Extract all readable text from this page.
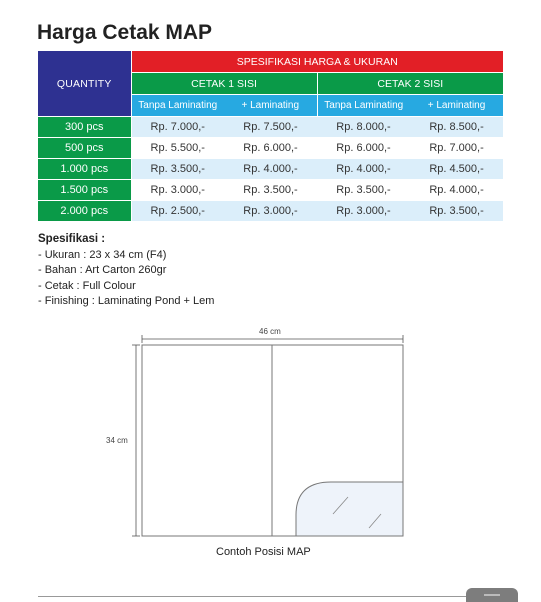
Harga Cetak MAP
QUANTITY	SPESIFIKASI HARGA & UKURAN			
	CETAK 1 SISI		CETAK 2 SISI	
	Tanpa Laminating	+ Laminating	Tanpa Laminating	+ Laminating
300 pcs	Rp. 7.000,-	Rp. 7.500,-	Rp. 8.000,-	Rp. 8.500,-
500 pcs	Rp. 5.500,-	Rp. 6.000,-	Rp. 6.000,-	Rp. 7.000,-
1.000 pcs	Rp. 3.500,-	Rp. 4.000,-	Rp. 4.000,-	Rp. 4.500,-
1.500 pcs	Rp. 3.000,-	Rp. 3.500,-	Rp. 3.500,-	Rp. 4.000,-
2.000 pcs	Rp. 2.500,-	Rp. 3.000,-	Rp. 3.000,-	Rp. 3.500,-
Spesifikasi :
- Ukuran : 23 x 34 cm (F4)
- Bahan : Art Carton 260gr
- Cetak : Full Colour
- Finishing : Laminating Pond + Lem
46 cm
34 cm
Contoh Posisi MAP
